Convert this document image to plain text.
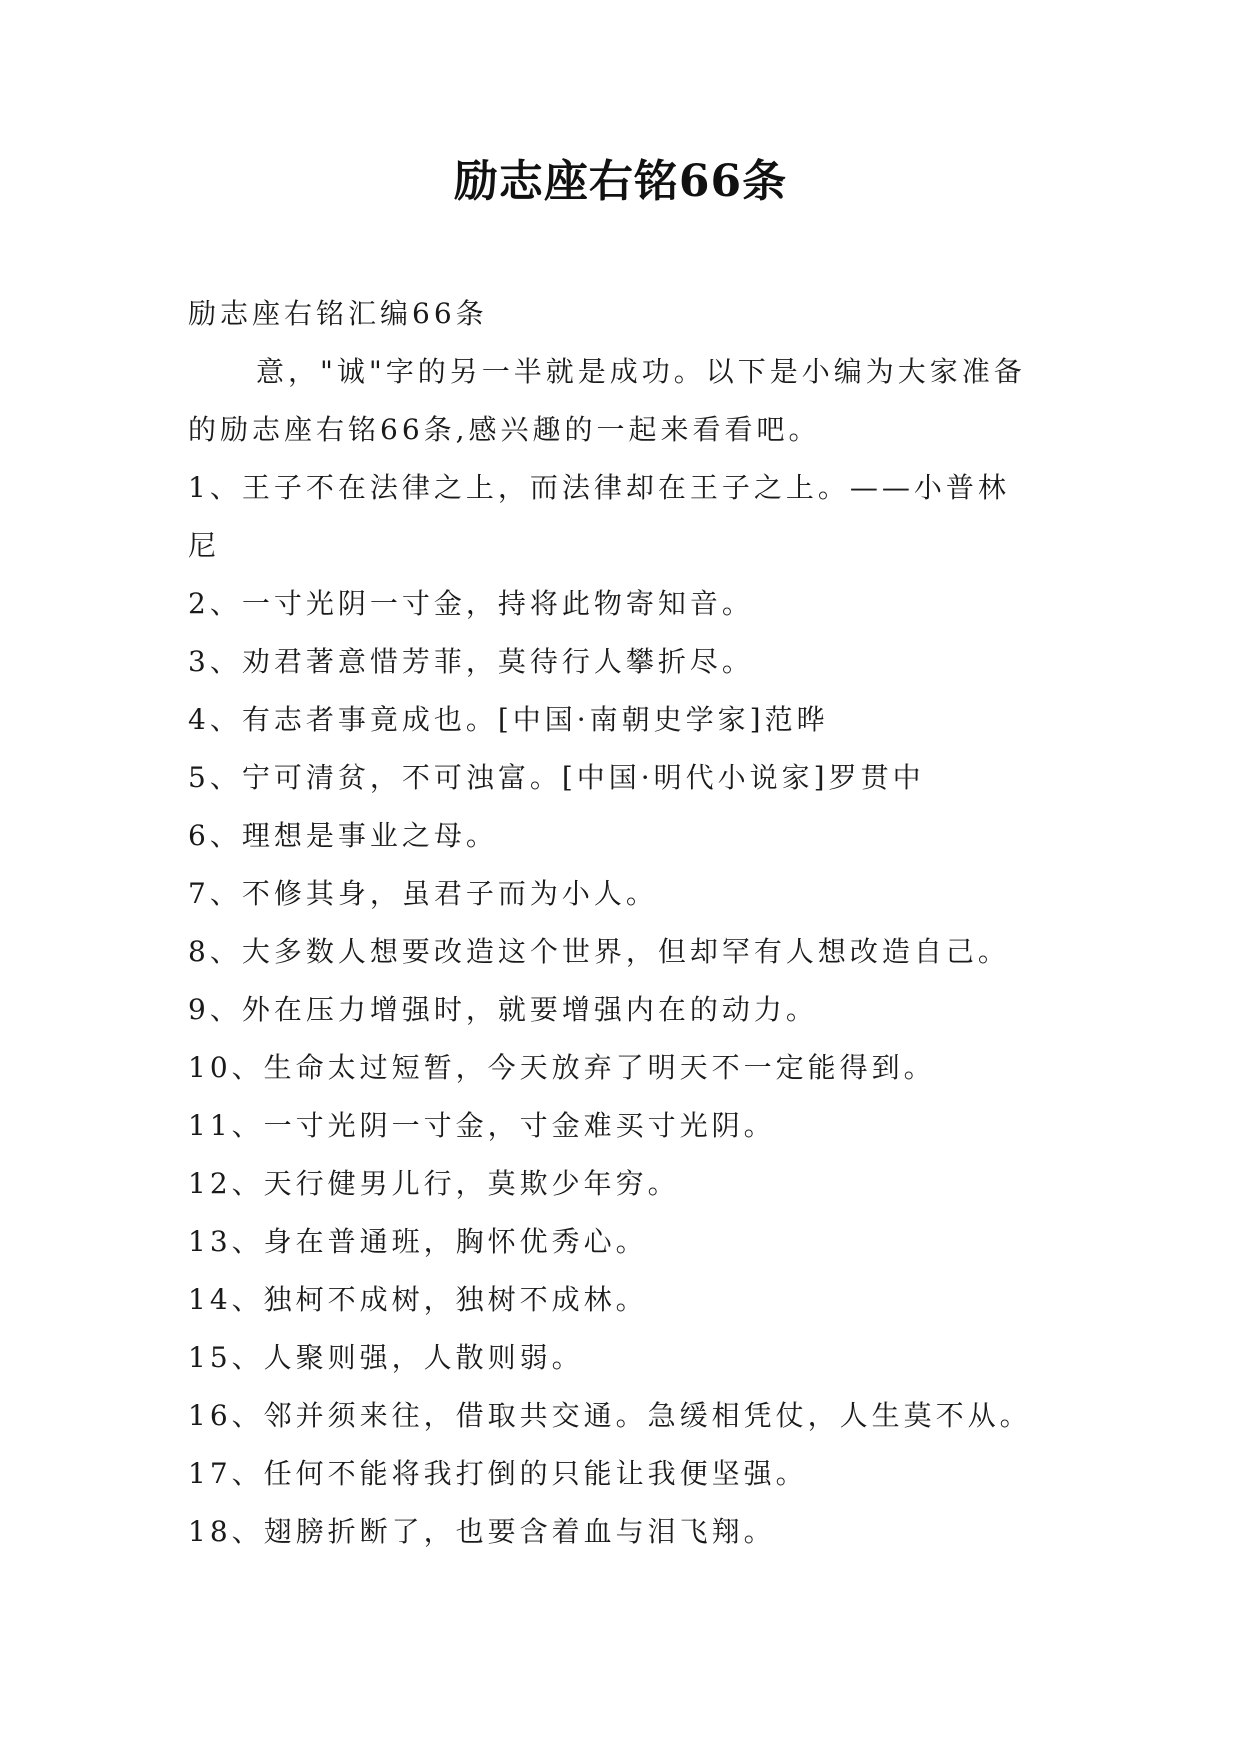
励志座右铭66条
励志座右铭汇编66条
意，"诚"字的另一半就是成功。以下是小编为大家准备
的励志座右铭66条,感兴趣的一起来看看吧。
1、王子不在法律之上，而法律却在王子之上。——小普林
尼
2、一寸光阴一寸金，持将此物寄知音。
3、劝君著意惜芳菲，莫待行人攀折尽。
4、有志者事竟成也。[中国·南朝史学家]范晔
5、宁可清贫，不可浊富。[中国·明代小说家]罗贯中
6、理想是事业之母。
7、不修其身，虽君子而为小人。
8、大多数人想要改造这个世界，但却罕有人想改造自己。
9、外在压力增强时，就要增强内在的动力。
10、生命太过短暂，今天放弃了明天不一定能得到。
11、一寸光阴一寸金，寸金难买寸光阴。
12、天行健男儿行，莫欺少年穷。
13、身在普通班，胸怀优秀心。
14、独柯不成树，独树不成林。
15、人聚则强，人散则弱。
16、邻并须来往，借取共交通。急缓相凭仗，人生莫不从。
17、任何不能将我打倒的只能让我便坚强。
18、翅膀折断了，也要含着血与泪飞翔。
